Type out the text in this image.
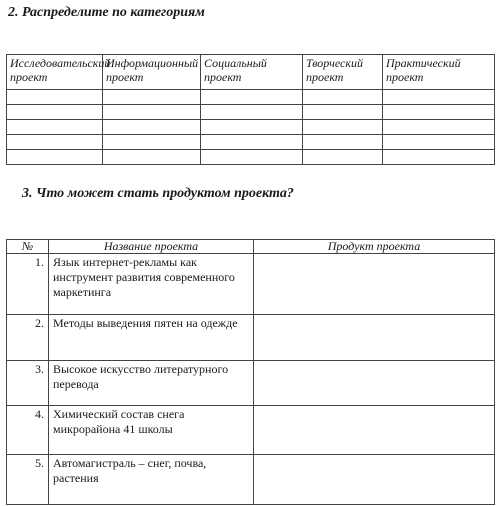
2. Распределите по категориям
Исследовательский проект	Информационный проект	Социальный проект	Творческий проект	Практический проект

3. Что может стать продуктом проекта?
№	Название проекта	Продукт проекта
1.	Язык интернет-рекламы как инструмент развития современного маркетинга	
2.	Методы выведения пятен на одежде	
3.	Высокое искусство литературного перевода	
4.	Химический состав снега микрорайона 41 школы	
5.	Автомагистраль – снег, почва, растения	
